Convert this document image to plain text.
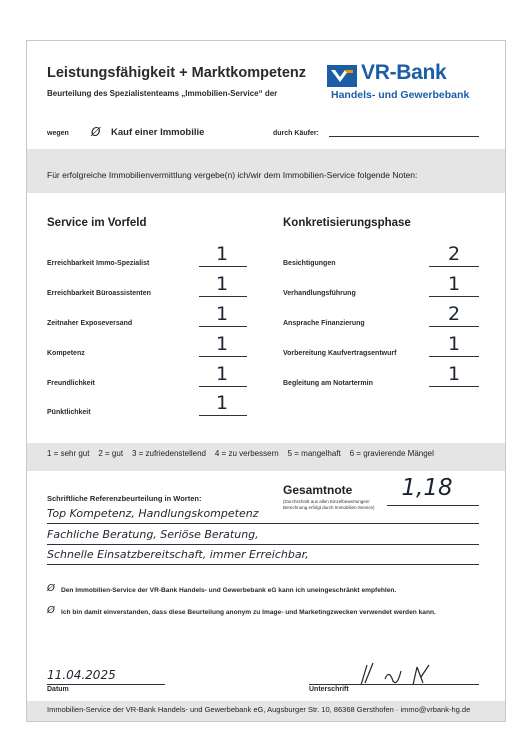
Leistungsfähigkeit + Marktkompetenz
Beurteilung des Spezialistenteams „Immobilien-Service“ der
VR-Bank
Handels- und Gewerbebank
wegen Ø Kauf einer Immobilie	durch Käufer:
Für erfolgreiche Immobilienvermittlung vergebe(n) ich/wir dem Immobilien-Service folgende Noten:
Service im Vorfeld	Konkretisierungsphase
Erreichbarkeit Immo-Spezialist	1
Erreichbarkeit Büroassistenten	1
Zeitnaher Exposeversand	1
Kompetenz	1
Freundlichkeit	1
Pünktlichkeit	1
Besichtigungen	2
Verhandlungsführung	1
Ansprache Finanzierung	2
Vorbereitung Kaufvertragsentwurf	1
Begleitung am Notartermin	1
1 = sehr gut    2 = gut    3 = zufriedenstellend    4 = zu verbessern    5 = mangelhaft    6 = gravierende Mängel
Gesamtnote
(Durchschnitt aus allen Einzelbewertungen/ Berechnung erfolgt durch Immobilien-Service)
1,18
Schriftliche Referenzbeurteilung in Worten:
Top Kompetenz, Handlungskompetenz
Fachliche Beratung, Seriöse Beratung,
Schnelle Einsatzbereitschaft, immer Erreichbar,
Ø Den Immobilien-Service der VR-Bank Handels- und Gewerbebank eG kann ich uneingeschränkt empfehlen.
Ø Ich bin damit einverstanden, dass diese Beurteilung anonym zu Image- und Marketingzwecken verwendet werden kann.
11.04.2025
Datum	Unterschrift
Immobilien-Service der VR-Bank Handels- und Gewerbebank eG, Augsburger Str. 10, 86368 Gersthofen · immo@vrbank-hg.de
